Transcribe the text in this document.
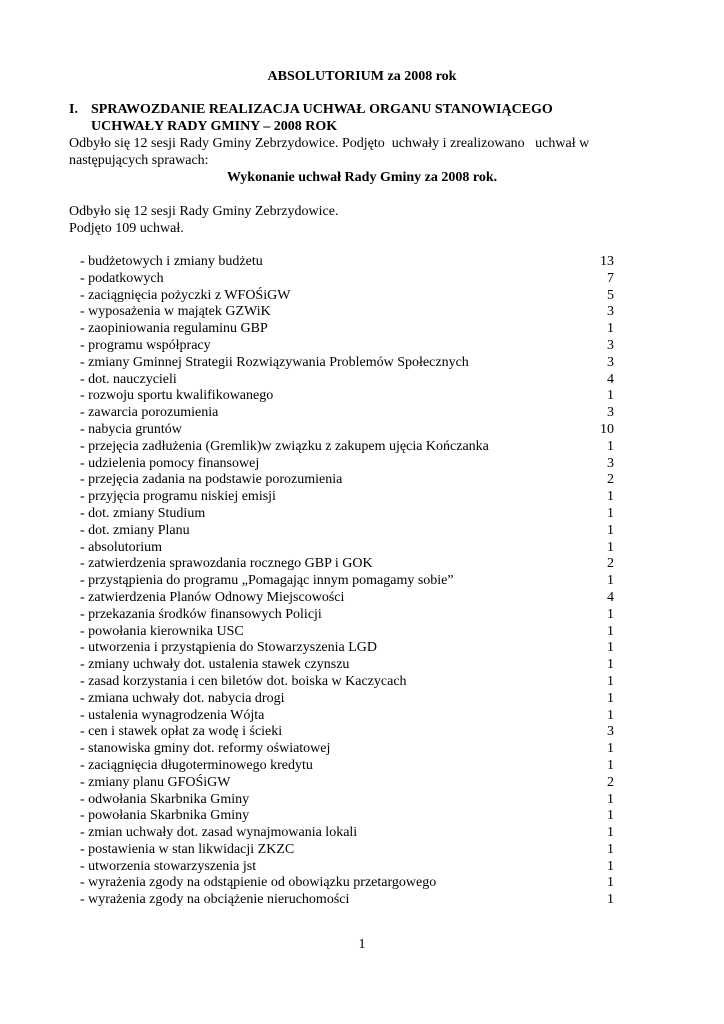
ABSOLUTORIUM za 2008 rok
I. SPRAWOZDANIE REALIZACJA UCHWAŁ ORGANU STANOWIĄCEGO
UCHWAŁY RADY GMINY – 2008 ROK
Odbyło się 12 sesji Rady Gminy Zebrzydowice. Podjęto  uchwały i zrealizowano   uchwał w
następujących sprawach:
Wykonanie uchwał Rady Gminy za 2008 rok.
Odbyło się 12 sesji Rady Gminy Zebrzydowice.
Podjęto 109 uchwał.
- budżetowych i zmiany budżetu	13
- podatkowych	7
- zaciągnięcia pożyczki z WFOŚiGW	5
- wyposażenia w majątek GZWiK	3
- zaopiniowania regulaminu GBP	1
- programu współpracy	3
- zmiany Gminnej Strategii Rozwiązywania Problemów Społecznych	3
- dot. nauczycieli	4
- rozwoju sportu kwalifikowanego	1
- zawarcia porozumienia	3
- nabycia gruntów	10
- przejęcia zadłużenia (Gremlik)w związku z zakupem ujęcia Kończanka	1
- udzielenia pomocy finansowej	3
- przejęcia zadania na podstawie porozumienia	2
- przyjęcia programu niskiej emisji	1
- dot. zmiany Studium	1
- dot. zmiany Planu	1
- absolutorium	1
- zatwierdzenia sprawozdania rocznego GBP i GOK	2
- przystąpienia do programu „Pomagając innym pomagamy sobie”	1
- zatwierdzenia Planów Odnowy Miejscowości	4
- przekazania środków finansowych Policji	1
- powołania kierownika USC	1
- utworzenia i przystąpienia do Stowarzyszenia LGD	1
- zmiany uchwały dot. ustalenia stawek czynszu	1
- zasad korzystania i cen biletów dot. boiska w Kaczycach	1
- zmiana uchwały dot. nabycia drogi	1
- ustalenia wynagrodzenia Wójta	1
- cen i stawek opłat za wodę i ścieki	3
- stanowiska gminy dot. reformy oświatowej	1
- zaciągnięcia długoterminowego kredytu	1
- zmiany planu GFOŚiGW	2
- odwołania Skarbnika Gminy	1
- powołania Skarbnika Gminy	1
- zmian uchwały dot. zasad wynajmowania lokali	1
- postawienia w stan likwidacji ZKZC	1
- utworzenia stowarzyszenia jst	1
- wyrażenia zgody na odstąpienie od obowiązku przetargowego	1
- wyrażenia zgody na obciążenie nieruchomości	1
1
